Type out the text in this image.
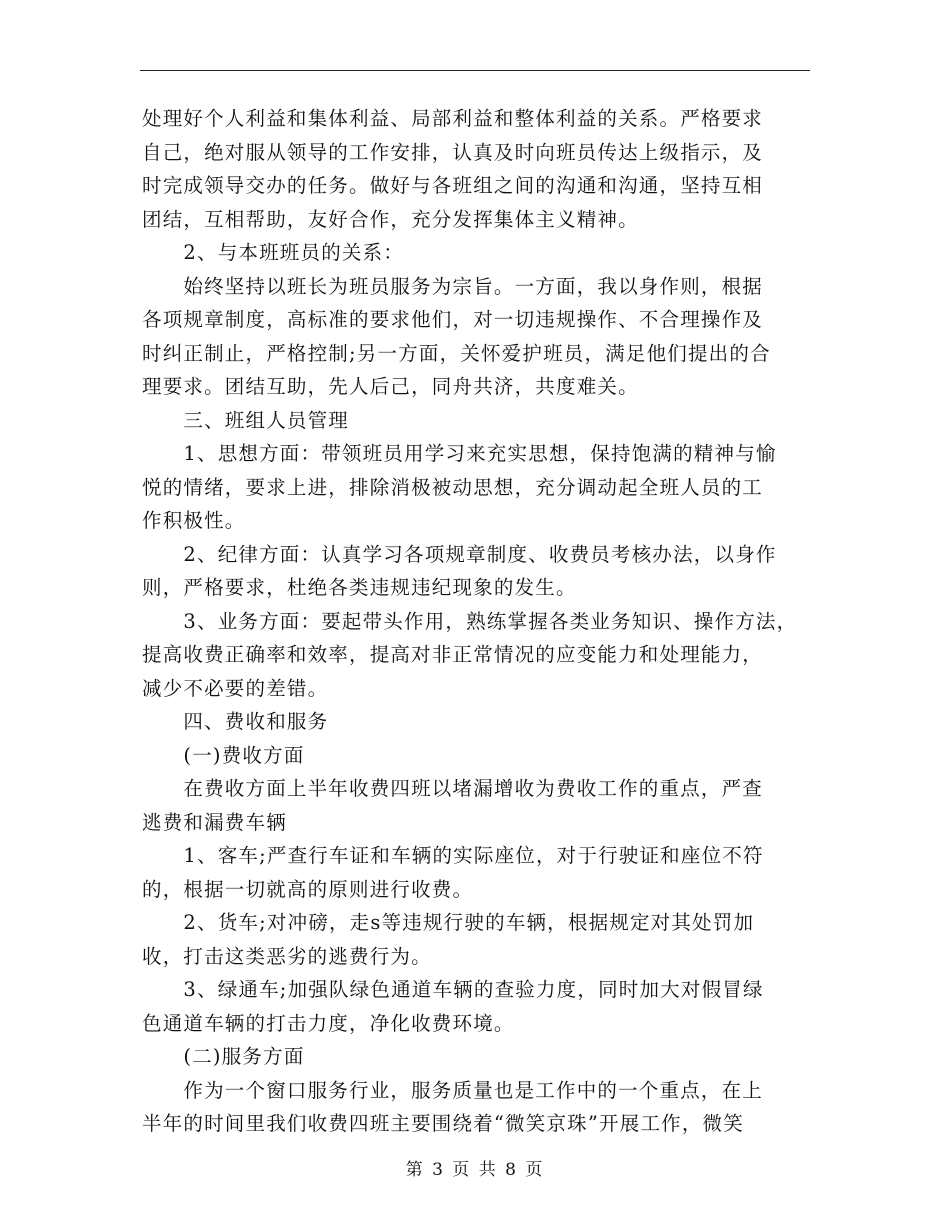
处理好个人利益和集体利益、局部利益和整体利益的关系。严格要求
自己，绝对服从领导的工作安排，认真及时向班员传达上级指示，及
时完成领导交办的任务。做好与各班组之间的沟通和沟通，坚持互相
团结，互相帮助，友好合作，充分发挥集体主义精神。
　　2、与本班班员的关系：
　　始终坚持以班长为班员服务为宗旨。一方面，我以身作则，根据
各项规章制度，高标准的要求他们，对一切违规操作、不合理操作及
时纠正制止，严格控制;另一方面，关怀爱护班员，满足他们提出的合
理要求。团结互助，先人后己，同舟共济，共度难关。
　　三、班组人员管理
　　1、思想方面：带领班员用学习来充实思想，保持饱满的精神与愉
悦的情绪，要求上进，排除消极被动思想，充分调动起全班人员的工
作积极性。
　　2、纪律方面：认真学习各项规章制度、收费员考核办法，以身作
则，严格要求，杜绝各类违规违纪现象的发生。
　　3、业务方面：要起带头作用，熟练掌握各类业务知识、操作方法，
提高收费正确率和效率，提高对非正常情况的应变能力和处理能力，
减少不必要的差错。
　　四、费收和服务
　　(一)费收方面
　　在费收方面上半年收费四班以堵漏增收为费收工作的重点，严查
逃费和漏费车辆
　　1、客车;严查行车证和车辆的实际座位，对于行驶证和座位不符
的，根据一切就高的原则进行收费。
　　2、货车;对冲磅，走s等违规行驶的车辆，根据规定对其处罚加
收，打击这类恶劣的逃费行为。
　　3、绿通车;加强队绿色通道车辆的查验力度，同时加大对假冒绿
色通道车辆的打击力度，净化收费环境。
　　(二)服务方面
　　作为一个窗口服务行业，服务质量也是工作中的一个重点，在上
半年的时间里我们收费四班主要围绕着“微笑京珠”开展工作，微笑
第 3 页 共 8 页
